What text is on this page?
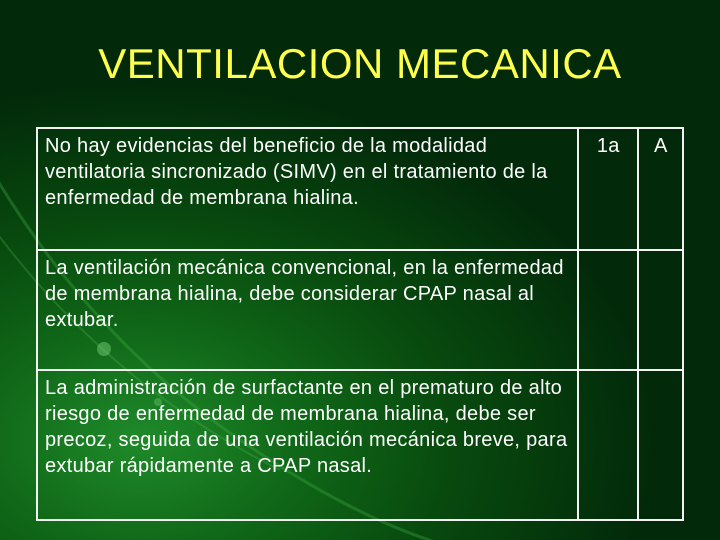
VENTILACION MECANICA
No hay evidencias del beneficio de la modalidad ventilatoria sincronizado (SIMV) en el tratamiento de la enfermedad de membrana hialina.	1a	A
La ventilación mecánica convencional, en la enfermedad de membrana hialina, debe considerar CPAP nasal al extubar.		
La administración de surfactante en el prematuro de alto riesgo de enfermedad de membrana hialina, debe ser precoz, seguida de una ventilación mecánica breve, para extubar rápidamente a CPAP nasal.		
